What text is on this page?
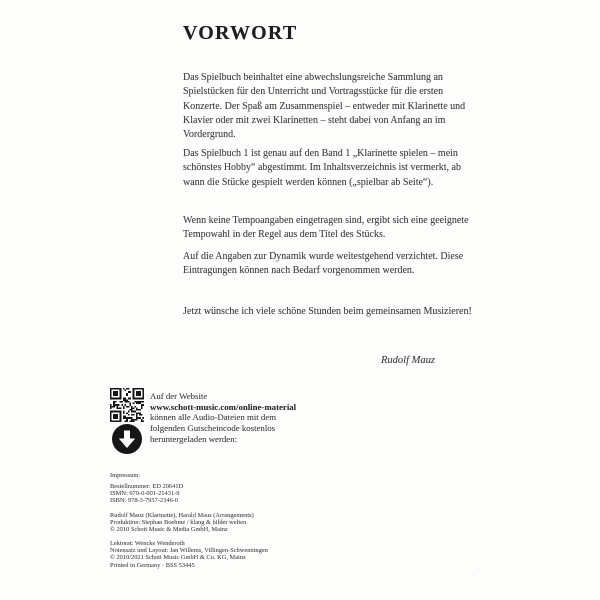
VORWORT

Das Spielbuch beinhaltet eine abwechslungsreiche Sammlung an Spielstücken für den Unterricht und Vortragsstücke für die ersten Konzerte. Der Spaß am Zusammenspiel – entweder mit Klarinette und Klavier oder mit zwei Klarinetten – steht dabei von Anfang an im Vordergrund.

Das Spielbuch 1 ist genau auf den Band 1 „Klarinette spielen – mein schönstes Hobby“ abgestimmt. Im Inhaltsverzeichnis ist vermerkt, ab wann die Stücke gespielt werden können („spielbar ab Seite“).

Wenn keine Tempoangaben eingetragen sind, ergibt sich eine geeignete Tempowahl in der Regel aus dem Titel des Stücks.

Auf die Angaben zur Dynamik wurde weitestgehend verzichtet. Diese Eintragungen können nach Bedarf vorgenommen werden.

Jetzt wünsche ich viele schöne Stunden beim gemeinsamen Musizieren!

Rudolf Mauz
Auf der Website
www.schott-music.com/online-material
können alle Audio-Dateien mit dem
folgenden Gutscheincode kostenlos
heruntergeladen werden:
Impressum:
Bestellnummer: ED 20641D
ISMN: 979-0-001-21431-9
ISBN: 978-3-7957-2346-0
Rudolf Mauz (Klarinette), Harald Maus (Arrangements)
Produktion: Stephan Boehme / klang & bilder welten
© 2010 Schott Music & Media GmbH, Mainz
Lektorat: Wencke Wenderoth
Notensatz und Layout: Jan Willems, Villingen-Schwenningen
© 2010/2021 Schott Music GmbH & Co. KG, Mainz
Printed in Germany · BSS 53445	·
